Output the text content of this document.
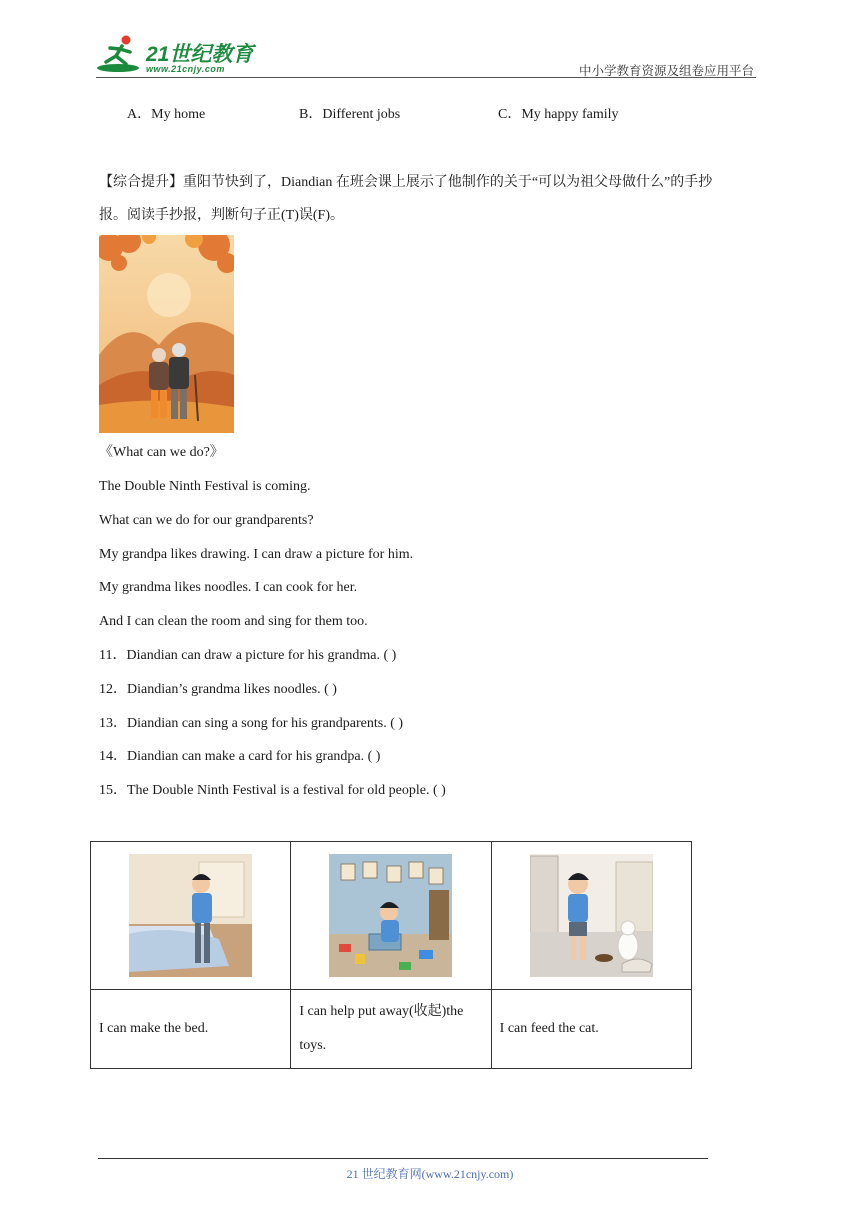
21世纪教育
www.21cnjy.com	中小学教育资源及组卷应用平台
A．My home	B．Different jobs	C．My happy family
【综合提升】重阳节快到了，Diandian 在班会课上展示了他制作的关于“可以为祖父母做什么”的手抄
报。阅读手抄报，判断句子正(T)误(F)。
《What can we do?》
The Double Ninth Festival is coming.
What can we do for our grandparents?
My grandpa likes drawing. I can draw a picture for him.
My grandma likes noodles. I can cook for her.
And I can clean the room and sing for them too.
11．Diandian can draw a picture for his grandma. ( )
12．Diandian’s grandma likes noodles. ( )
13．Diandian can sing a song for his grandparents. ( )
14．Diandian can make a card for his grandpa. ( )
15．The Double Ninth Festival is a festival for old people. ( )

I can make the bed.	I can help put away(收起)the toys.	I can feed the cat.
21 世纪教育网(www.21cnjy.com)
